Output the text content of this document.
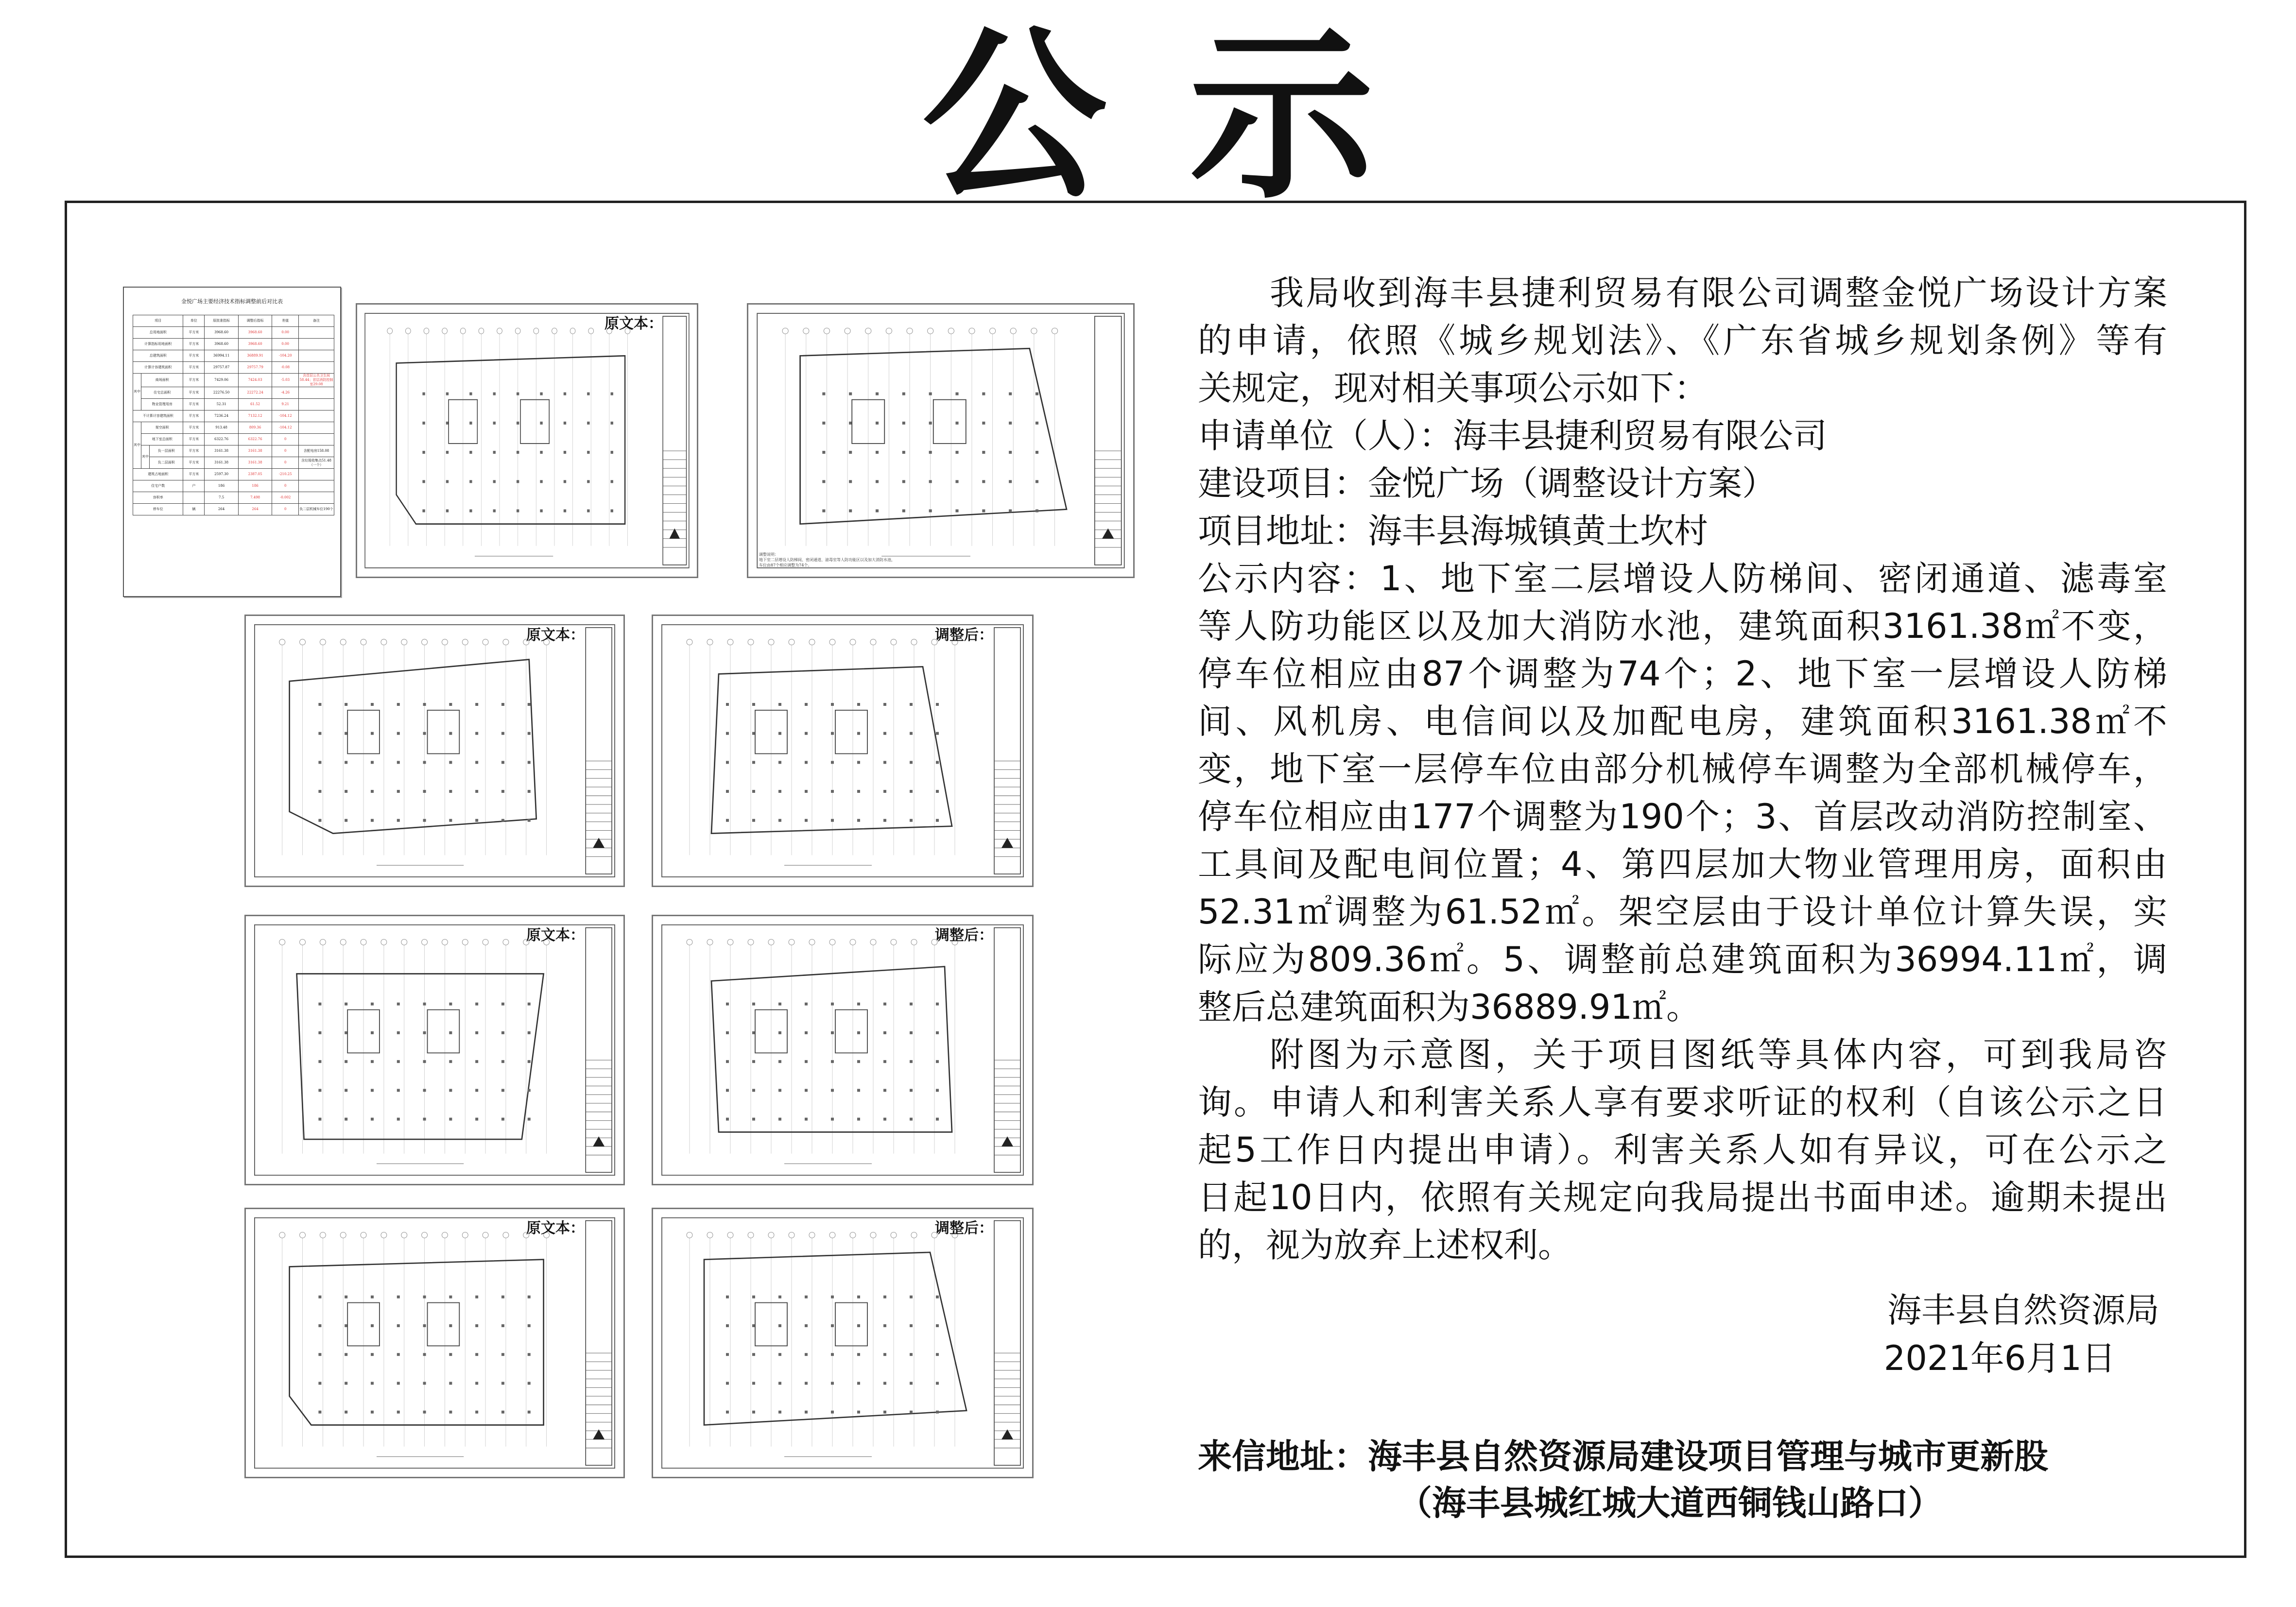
公示
金悦广场主要经济技术指标调整前后对比表
项目			单位	原批准指标	调整后指标	差值	备注
总用地面积			平方米	3968.60	3968.60	0.00	
计算指标用地面积			平方米	3968.60	3968.60	0.00	
总建筑面积			平方米	36994.11	36889.91	-104.20	
计算计容建筑面积			平方米	29757.87	29757.79	-0.08	
其中	商场面积		平方米	7429.06	7424.03	-5.03	含首层公共卫生间58.44；首层消防控制室29.08
	住宅总面积		平方米	22276.50	22272.24	-4.26	
	物业管理用房		平方米	52.31	61.52	9.21	
不计算计容建筑面积			平方米	7236.24	7132.12	-104.12	
其中	架空面积		平方米	913.48	809.36	-104.12	
	地下室总面积		平方米	6322.76	6322.76	0	
	其中	负一层面积	平方米	3161.38	3161.38	0	含配电房158.08
		负二层面积	平方米	3161.38	3161.38	0	含垃圾收集点51.48（一个）
建筑占地面积			平方米	2597.30	2387.05	-210.25	
住宅户数			户	186	186	0	
容积率				7.5	7.498	-0.002	
停车位			辆	264	264	0	负二层机械车位190个
原文本：
调整说明：
地下室二层增设人防梯间、密闭通道、滤毒室等人防功能区以及加大消防水池，
车位由87个相应调整为74个。
原文本：	调整后：
原文本：	调整后：
原文本：	调整后：
我局收到海丰县捷利贸易有限公司调整金悦广场设计方案
的申请，依照《城乡规划法》、《广东省城乡规划条例》等有
关规定，现对相关事项公示如下：
申请单位（人）：海丰县捷利贸易有限公司
建设项目：金悦广场（调整设计方案）
项目地址：海丰县海城镇黄土坎村
公示内容：1、地下室二层增设人防梯间、密闭通道、滤毒室
等人防功能区以及加大消防水池，建筑面积3161.38㎡不变，
停车位相应由87个调整为74个；2、地下室一层增设人防梯
间、风机房、电信间以及加配电房，建筑面积3161.38㎡不
变，地下室一层停车位由部分机械停车调整为全部机械停车，
停车位相应由177个调整为190个；3、首层改动消防控制室、
工具间及配电间位置；4、第四层加大物业管理用房，面积由
52.31㎡调整为61.52㎡。架空层由于设计单位计算失误，实
际应为809.36㎡。5、调整前总建筑面积为36994.11㎡，调
整后总建筑面积为36889.91㎡。
附图为示意图，关于项目图纸等具体内容，可到我局咨
询。申请人和利害关系人享有要求听证的权利（自该公示之日
起5工作日内提出申请）。利害关系人如有异议，可在公示之
日起10日内，依照有关规定向我局提出书面申述。逾期未提出
的，视为放弃上述权利。
海丰县自然资源局
2021年6月1日
来信地址：海丰县自然资源局建设项目管理与城市更新股
（海丰县城红城大道西铜钱山路口）
